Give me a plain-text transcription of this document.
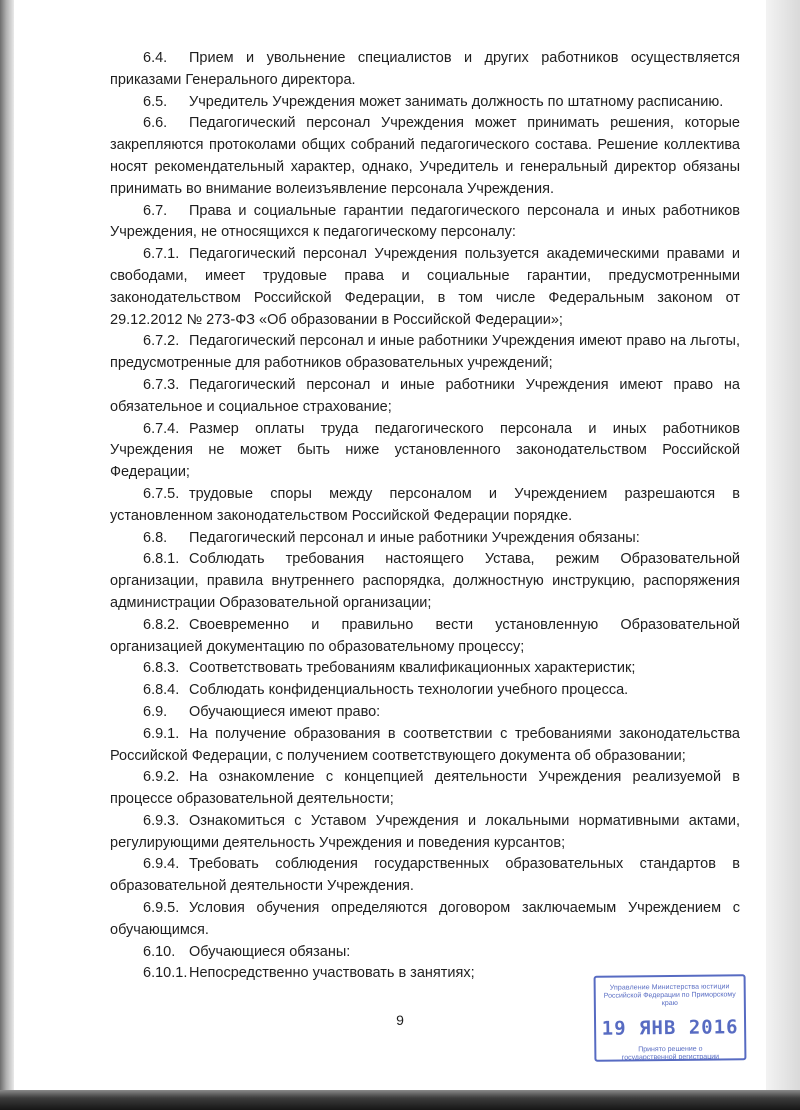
6.4. Прием и увольнение специалистов и других работников осуществляется приказами Генерального директора.

6.5. Учредитель Учреждения может занимать должность по штатному расписанию.

6.6. Педагогический персонал Учреждения может принимать решения, которые закрепляются протоколами общих собраний педагогического состава. Решение коллектива носят рекомендательный характер, однако, Учредитель и генеральный директор обязаны принимать во внимание волеизъявление персонала Учреждения.

6.7. Права и социальные гарантии педагогического персонала и иных работников Учреждения, не относящихся к педагогическому персоналу:

6.7.1. Педагогический персонал Учреждения пользуется академическими правами и свободами, имеет трудовые права и социальные гарантии, предусмотренными законодательством Российской Федерации, в том числе Федеральным законом от 29.12.2012 № 273-ФЗ «Об образовании в Российской Федерации»;

6.7.2. Педагогический персонал и иные работники Учреждения имеют право на льготы, предусмотренные для работников образовательных учреждений;

6.7.3. Педагогический персонал и иные работники Учреждения имеют право на обязательное и социальное страхование;

6.7.4. Размер оплаты труда педагогического персонала и иных работников Учреждения не может быть ниже установленного законодательством Российской Федерации;

6.7.5. трудовые споры между персоналом и Учреждением разрешаются в установленном законодательством Российской Федерации порядке.

6.8. Педагогический персонал и иные работники Учреждения обязаны:

6.8.1. Соблюдать требования настоящего Устава, режим Образовательной организации, правила внутреннего распорядка, должностную инструкцию, распоряжения администрации Образовательной организации;

6.8.2. Своевременно и правильно вести установленную Образовательной организацией документацию по образовательному процессу;

6.8.3. Соответствовать требованиям квалификационных характеристик;

6.8.4. Соблюдать конфиденциальность технологии учебного процесса.

6.9. Обучающиеся имеют право:

6.9.1. На получение образования в соответствии с требованиями законодательства Российской Федерации, с получением соответствующего документа об образовании;

6.9.2. На ознакомление с концепцией деятельности Учреждения реализуемой в процессе образовательной деятельности;

6.9.3. Ознакомиться с Уставом Учреждения и локальными нормативными актами, регулирующими деятельность Учреждения и поведения курсантов;

6.9.4. Требовать соблюдения государственных образовательных стандартов в образовательной деятельности Учреждения.

6.9.5. Условия обучения определяются договором заключаемым Учреждением с обучающимся.

6.10. Обучающиеся обязаны:

6.10.1. Непосредственно участвовать в занятиях;

9
Управление Министерства юстиции
Российской Федерации по Приморскому краю
19 ЯНВ 2016
Принято решение о
государственной регистрации
